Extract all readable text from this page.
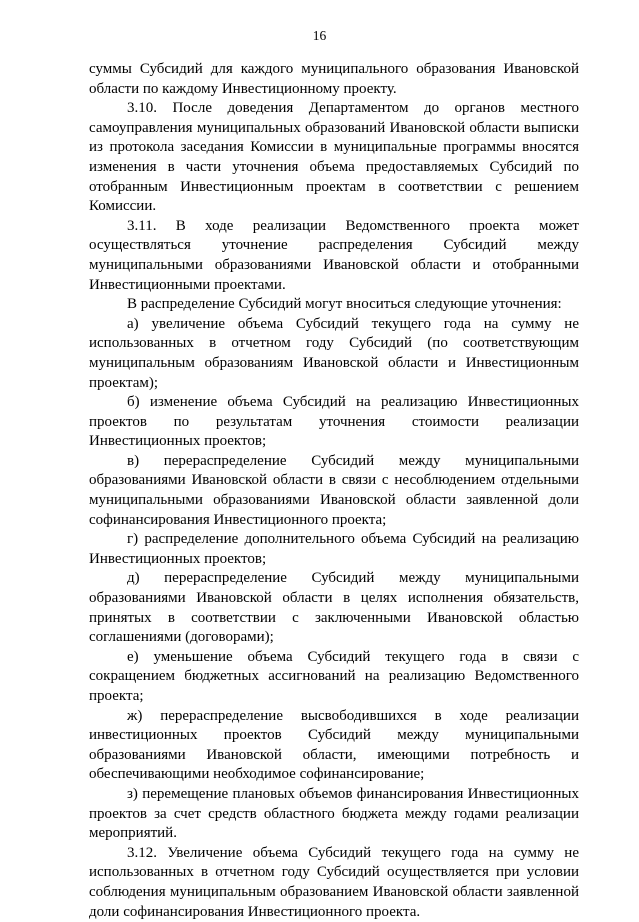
16

суммы Субсидий для каждого муниципального образования Ивановской области по каждому Инвестиционному проекту.

3.10. После доведения Департаментом до органов местного самоуправления муниципальных образований Ивановской области выписки из протокола заседания Комиссии в муниципальные программы вносятся изменения в части уточнения объема предоставляемых Субсидий по отобранным Инвестиционным проектам в соответствии с решением Комиссии.

3.11. В ходе реализации Ведомственного проекта может осуществляться уточнение распределения Субсидий между муниципальными образованиями Ивановской области и отобранными Инвестиционными проектами.

В распределение Субсидий могут вноситься следующие уточнения:

а) увеличение объема Субсидий текущего года на сумму не использованных в отчетном году Субсидий (по соответствующим муниципальным образованиям Ивановской области и Инвестиционным проектам);

б) изменение объема Субсидий на реализацию Инвестиционных проектов по результатам уточнения стоимости реализации Инвестиционных проектов;

в) перераспределение Субсидий между муниципальными образованиями Ивановской области в связи с несоблюдением отдельными муниципальными образованиями Ивановской области заявленной доли софинансирования Инвестиционного проекта;

г) распределение дополнительного объема Субсидий на реализацию Инвестиционных проектов;

д) перераспределение Субсидий между муниципальными образованиями Ивановской области в целях исполнения обязательств, принятых в соответствии с заключенными Ивановской областью соглашениями (договорами);

е) уменьшение объема Субсидий текущего года в связи с сокращением бюджетных ассигнований на реализацию Ведомственного проекта;

ж) перераспределение высвободившихся в ходе реализации инвестиционных проектов Субсидий между муниципальными образованиями Ивановской области, имеющими потребность и обеспечивающими необходимое софинансирование;

з) перемещение плановых объемов финансирования Инвестиционных проектов за счет средств областного бюджета между годами реализации мероприятий.

3.12. Увеличение объема Субсидий текущего года на сумму не использованных в отчетном году Субсидий осуществляется при условии соблюдения муниципальным образованием Ивановской области заявленной доли софинансирования Инвестиционного проекта.
